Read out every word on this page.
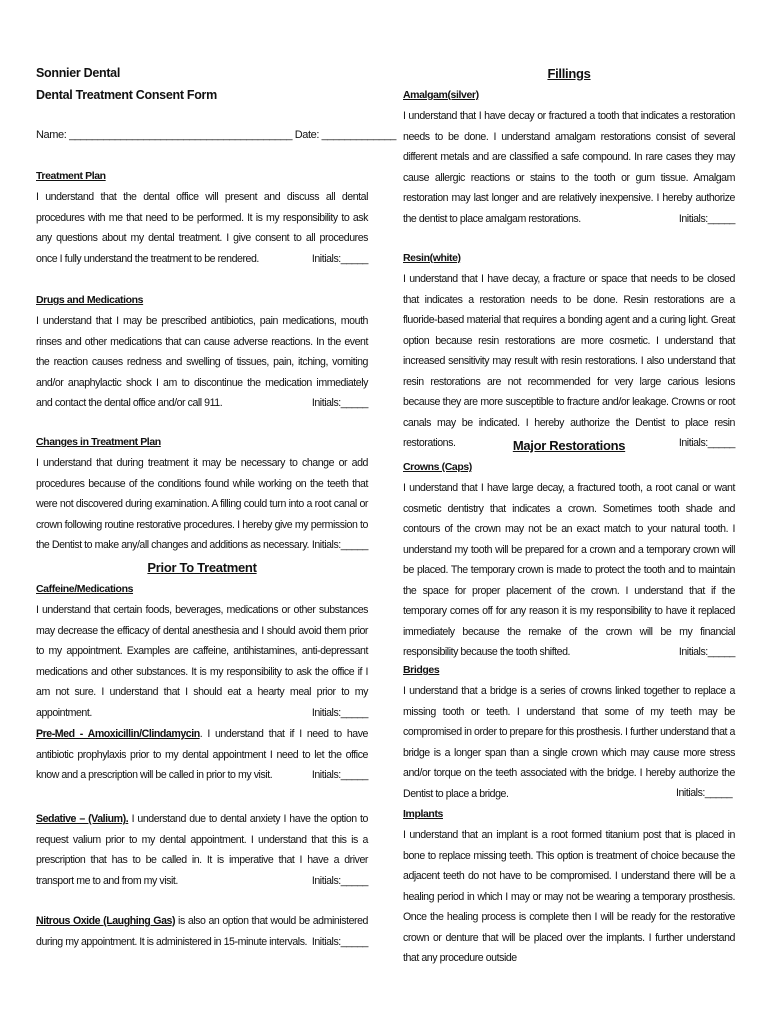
Sonnier Dental
Dental Treatment Consent Form
Name: _______________________________________ Date: _____________
Treatment Plan
I understand that the dental office will present and discuss all dental procedures with me that need to be performed. It is my responsibility to ask any questions about my dental treatment. I give consent to all procedures once I fully understand the treatment to be rendered.	Initials:_____
Drugs and Medications
I understand that I may be prescribed antibiotics, pain medications, mouth rinses and other medications that can cause adverse reactions. In the event the reaction causes redness and swelling of tissues, pain, itching, vomiting and/or anaphylactic shock I am to discontinue the medication immediately and contact the dental office and/or call 911.	Initials:_____
Changes in Treatment Plan
I understand that during treatment it may be necessary to change or add procedures because of the conditions found while working on the teeth that were not discovered during examination. A filling could turn into a root canal or crown following routine restorative procedures. I hereby give my permission to the Dentist to make any/all changes and additions as necessary. Initials:_____
Prior To Treatment
Caffeine/Medications
I understand that certain foods, beverages, medications or other substances may decrease the efficacy of dental anesthesia and I should avoid them prior to my appointment. Examples are caffeine, antihistamines, anti-depressant medications and other substances. It is my responsibility to ask the office if I am not sure. I understand that I should eat a hearty meal prior to my appointment.	Initials:_____
Pre-Med - Amoxicillin/Clindamycin. I understand that if I need to have antibiotic prophylaxis prior to my dental appointment I need to let the office know and a prescription will be called in prior to my visit.	Initials:_____
Sedative – (Valium). I understand due to dental anxiety I have the option to request valium prior to my dental appointment. I understand that this is a prescription that has to be called in. It is imperative that I have a driver transport me to and from my visit.	Initials:_____
Nitrous Oxide (Laughing Gas) is also an option that would be administered during my appointment. It is administered in 15-minute intervals. Initials:_____
Fillings
Amalgam(silver)
I understand that I have decay or fractured a tooth that indicates a restoration needs to be done. I understand amalgam restorations consist of several different metals and are classified a safe compound. In rare cases they may cause allergic reactions or stains to the tooth or gum tissue. Amalgam restoration may last longer and are relatively inexpensive. I hereby authorize the dentist to place amalgam restorations.	Initials:_____
Resin(white)
I understand that I have decay, a fracture or space that needs to be closed that indicates a restoration needs to be done. Resin restorations are a fluoride-based material that requires a bonding agent and a curing light. Great option because resin restorations are more cosmetic. I understand that increased sensitivity may result with resin restorations. I also understand that resin restorations are not recommended for very large carious lesions because they are more susceptible to fracture and/or leakage. Crowns or root canals may be indicated. I hereby authorize the Dentist to place resin restorations.	Initials:_____
Major Restorations
Crowns (Caps)
I understand that I have large decay, a fractured tooth, a root canal or want cosmetic dentistry that indicates a crown. Sometimes tooth shade and contours of the crown may not be an exact match to your natural tooth. I understand my tooth will be prepared for a crown and a temporary crown will be placed. The temporary crown is made to protect the tooth and to maintain the space for proper placement of the crown. I understand that if the temporary comes off for any reason it is my responsibility to have it replaced immediately because the remake of the crown will be my financial responsibility because the tooth shifted.	Initials:_____
Bridges
I understand that a bridge is a series of crowns linked together to replace a missing tooth or teeth. I understand that some of my teeth may be compromised in order to prepare for this prosthesis. I further understand that a bridge is a longer span than a single crown which may cause more stress and/or torque on the teeth associated with the bridge. I hereby authorize the Dentist to place a bridge.	Initials:_____
Implants
I understand that an implant is a root formed titanium post that is placed in bone to replace missing teeth. This option is treatment of choice because the adjacent teeth do not have to be compromised. I understand there will be a healing period in which I may or may not be wearing a temporary prosthesis. Once the healing process is complete then I will be ready for the restorative crown or denture that will be placed over the implants. I further understand that any procedure outside
